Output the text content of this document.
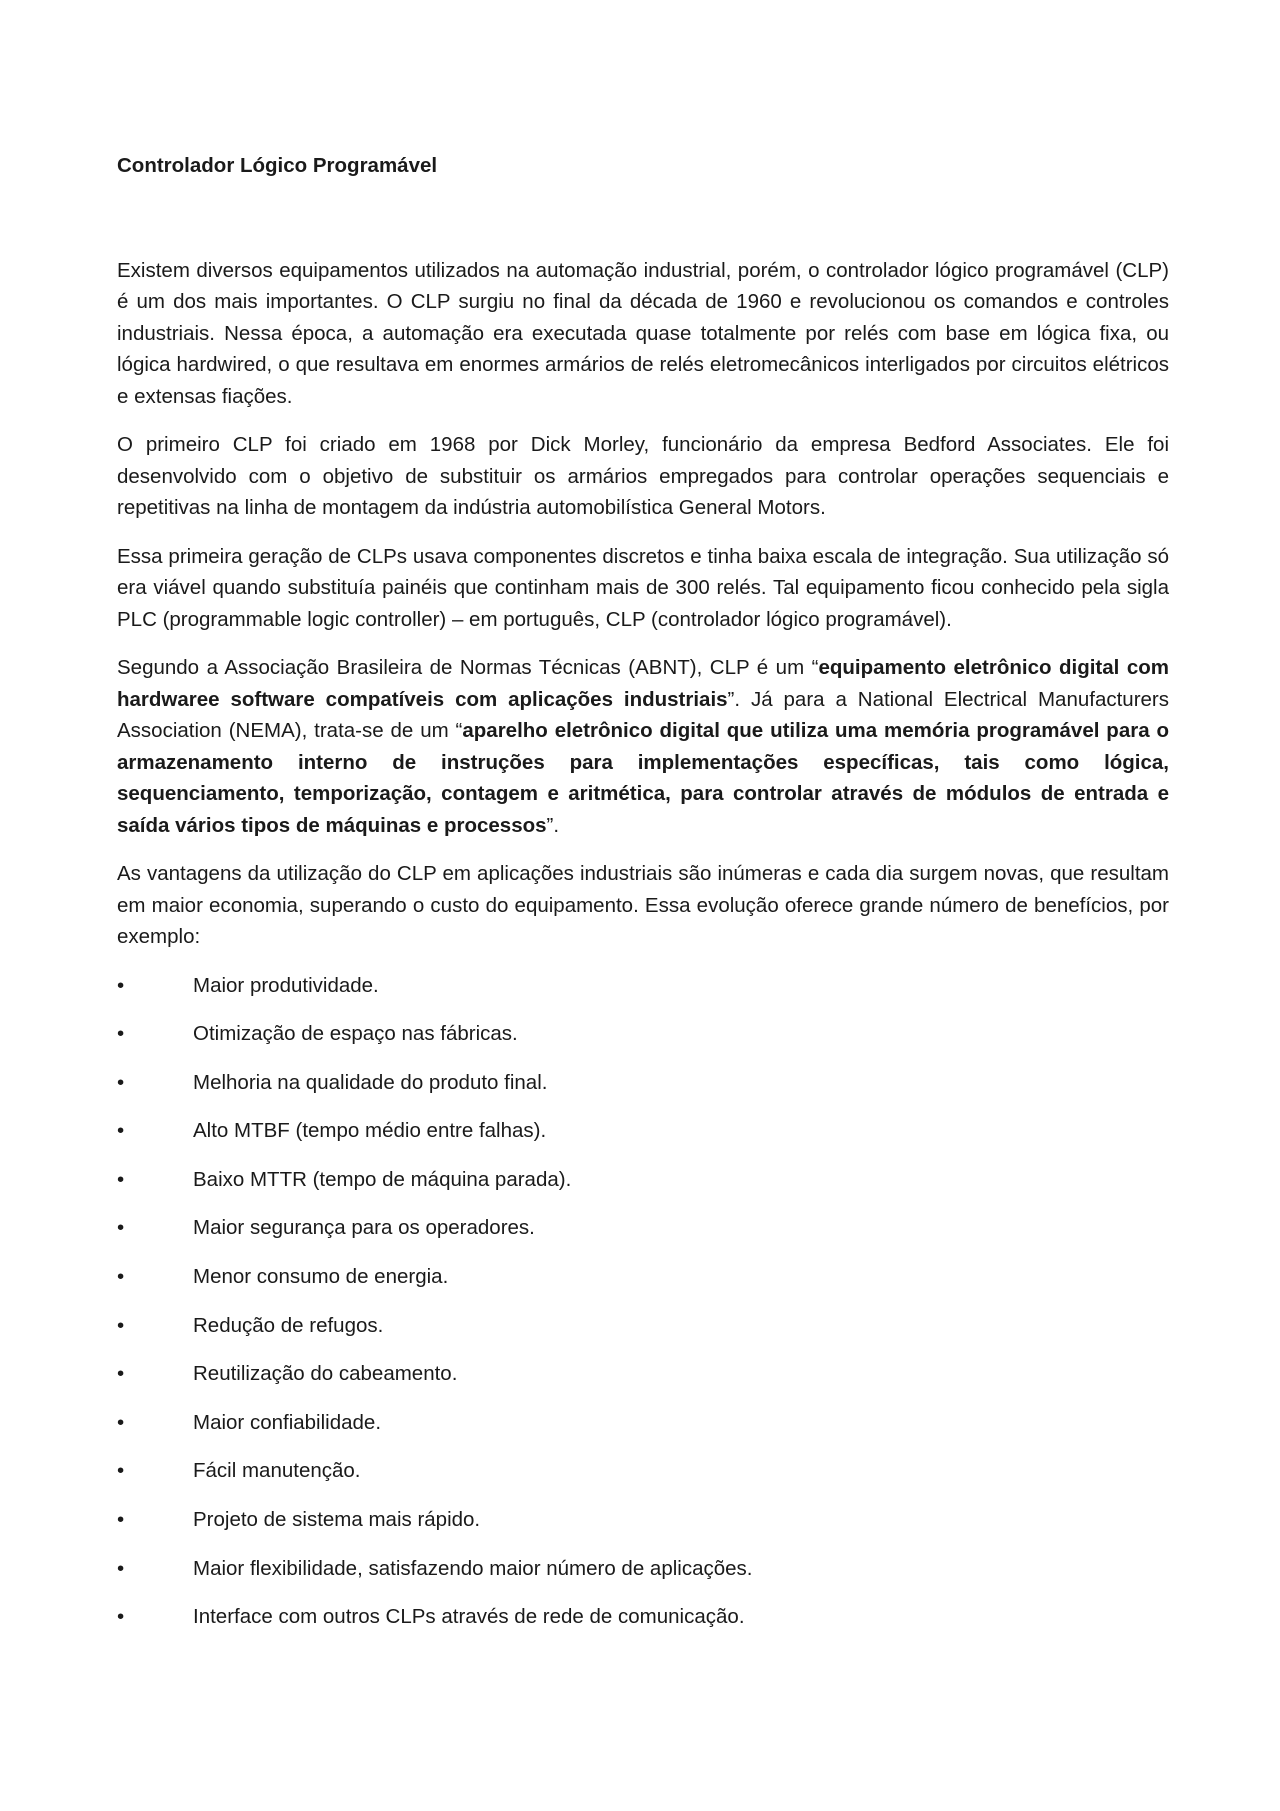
Controlador Lógico Programável

Existem diversos equipamentos utilizados na automação industrial, porém, o controlador lógico programável (CLP) é um dos mais importantes. O CLP surgiu no final da década de 1960 e revolucionou os comandos e controles industriais. Nessa época, a automação era executada quase totalmente por relés com base em lógica fixa, ou lógica hardwired, o que resultava em enormes armários de relés eletromecânicos interligados por circuitos elétricos e extensas fiações.

O primeiro CLP foi criado em 1968 por Dick Morley, funcionário da empresa Bedford Associates. Ele foi desenvolvido com o objetivo de substituir os armários empregados para controlar operações sequenciais e repetitivas na linha de montagem da indústria automobilística General Motors.

Essa primeira geração de CLPs usava componentes discretos e tinha baixa escala de integração. Sua utilização só era viável quando substituía painéis que continham mais de 300 relés. Tal equipamento ficou conhecido pela sigla PLC (programmable logic controller) – em português, CLP (controlador lógico programável).

Segundo a Associação Brasileira de Normas Técnicas (ABNT), CLP é um “equipamento eletrônico digital com hardwaree software compatíveis com aplicações industriais”. Já para a National Electrical Manufacturers Association (NEMA), trata-se de um “aparelho eletrônico digital que utiliza uma memória programável para o armazenamento interno de instruções para implementações específicas, tais como lógica, sequenciamento, temporização, contagem e aritmética, para controlar através de módulos de entrada e saída vários tipos de máquinas e processos”.

As vantagens da utilização do CLP em aplicações industriais são inúmeras e cada dia surgem novas, que resultam em maior economia, superando o custo do equipamento. Essa evolução oferece grande número de benefícios, por exemplo:

•	Maior produtividade.
•	Otimização de espaço nas fábricas.
•	Melhoria na qualidade do produto final.
•	Alto MTBF (tempo médio entre falhas).
•	Baixo MTTR (tempo de máquina parada).
•	Maior segurança para os operadores.
•	Menor consumo de energia.
•	Redução de refugos.
•	Reutilização do cabeamento.
•	Maior confiabilidade.
•	Fácil manutenção.
•	Projeto de sistema mais rápido.
•	Maior flexibilidade, satisfazendo maior número de aplicações.
•	Interface com outros CLPs através de rede de comunicação.
